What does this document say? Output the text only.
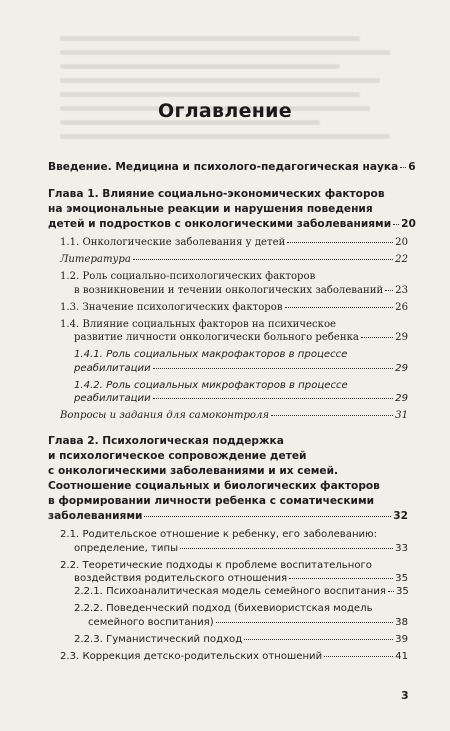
Оглавление
Введение. Медицина и психолого-педагогическая наука 6
Глава 1. Влияние социально-экономических факторов
на эмоциональные реакции и нарушения поведения
детей и подростков с онкологическими заболеваниями 20
1.1. Онкологические заболевания у детей	20
Литература	22
1.2. Роль социально-психологических факторов
в возникновении и течении онкологических заболеваний 23
1.3. Значение психологических факторов	26
1.4. Влияние социальных факторов на психическое
развитие личности онкологически больного ребенка	29
1.4.1. Роль социальных макрофакторов в процессе
реабилитации	29
1.4.2. Роль социальных микрофакторов в процессе
реабилитации	29
Вопросы и задания для самоконтроля	31
Глава 2. Психологическая поддержка
и психологическое сопровождение детей
с онкологическими заболеваниями и их семей.
Соотношение социальных и биологических факторов
в формировании личности ребенка с соматическими
заболеваниями	32
2.1. Родительское отношение к ребенку, его заболеванию:
определение, типы	33
2.2. Теоретические подходы к проблеме воспитательного
воздействия родительского отношения	35
2.2.1. Психоаналитическая модель семейного воспитания 35
2.2.2. Поведенческий подход (бихевиористская модель
семейного воспитания)	38
2.2.3. Гуманистический подход	39
2.3. Коррекция детско-родительских отношений	41
3
